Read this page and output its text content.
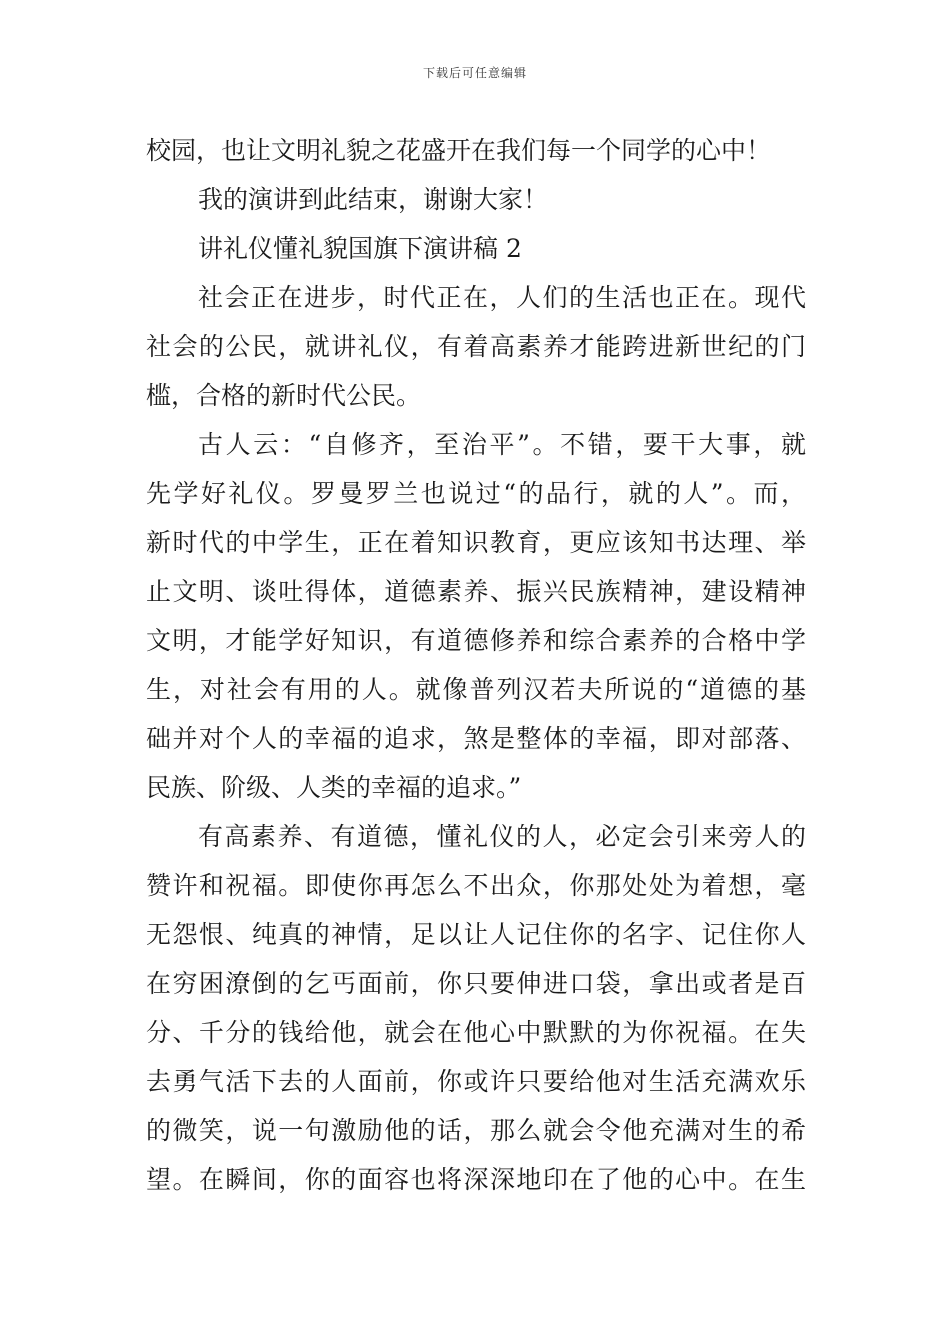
下载后可任意编辑
校园，也让文明礼貌之花盛开在我们每一个同学的心中！
我的演讲到此结束，谢谢大家！
讲礼仪懂礼貌国旗下演讲稿 2
社会正在进步，时代正在，人们的生活也正在。现代
社会的公民，就讲礼仪，有着高素养才能跨进新世纪的门
槛，合格的新时代公民。
古人云：“自修齐，至治平”。不错，要干大事，就
先学好礼仪。罗曼罗兰也说过“的品行，就的人”。而，
新时代的中学生，正在着知识教育，更应该知书达理、举
止文明、谈吐得体，道德素养、振兴民族精神，建设精神
文明，才能学好知识，有道德修养和综合素养的合格中学
生，对社会有用的人。就像普列汉若夫所说的“道德的基
础并对个人的幸福的追求，煞是整体的幸福，即对部落、
民族、阶级、人类的幸福的追求。”
有高素养、有道德，懂礼仪的人，必定会引来旁人的
赞许和祝福。即使你再怎么不出众，你那处处为着想，毫
无怨恨、纯真的神情，足以让人记住你的名字、记住你人
在穷困潦倒的乞丐面前，你只要伸进口袋，拿出或者是百
分、千分的钱给他，就会在他心中默默的为你祝福。在失
去勇气活下去的人面前，你或许只要给他对生活充满欢乐
的微笑，说一句激励他的话，那么就会令他充满对生的希
望。在瞬间，你的面容也将深深地印在了他的心中。在生
